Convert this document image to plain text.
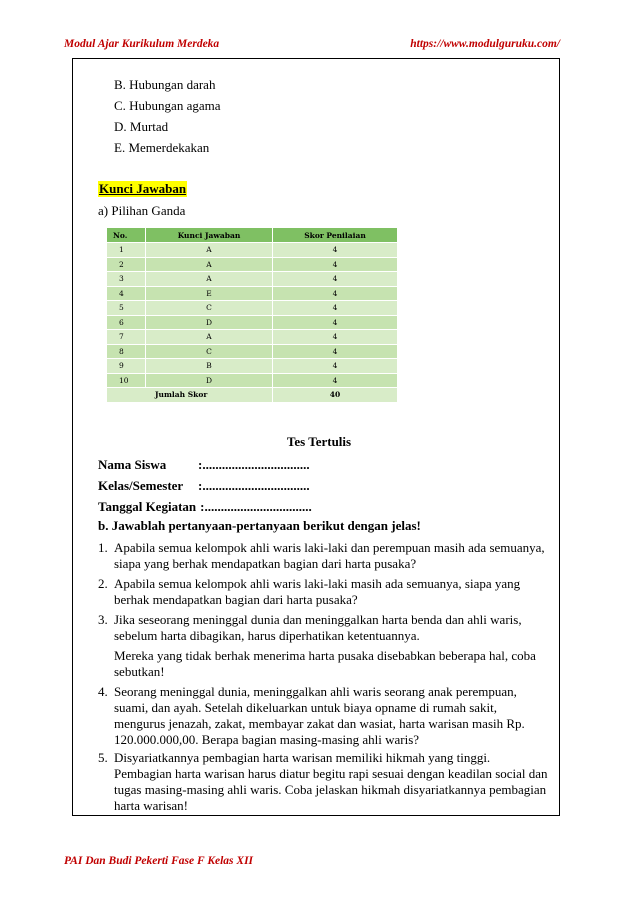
Modul Ajar Kurikulum Merdeka	https://www.modulguruku.com/
B. Hubungan darah
C. Hubungan agama
D. Murtad
E. Memerdekakan
Kunci Jawaban
a) Pilihan Ganda
No.	Kunci Jawaban	Skor Penilaian
1	A	4
2	A	4
3	A	4
4	E	4
5	C	4
6	D	4
7	A	4
8	C	4
9	B	4
10	D	4
Jumlah Skor		40
Tes Tertulis
Nama Siswa :.................................
Kelas/Semester :.................................
Tanggal Kegiatan :.................................
b. Jawablah pertanyaan-pertanyaan berikut dengan jelas!
1. Apabila semua kelompok ahli waris laki-laki dan perempuan masih ada semuanya, siapa yang berhak mendapatkan bagian dari harta pusaka?
2. Apabila semua kelompok ahli waris laki-laki masih ada semuanya, siapa yang berhak mendapatkan bagian dari harta pusaka?
3. Jika seseorang meninggal dunia dan meninggalkan harta benda dan ahli waris, sebelum harta dibagikan, harus diperhatikan ketentuannya.
Mereka yang tidak berhak menerima harta pusaka disebabkan beberapa hal, coba sebutkan!
4. Seorang meninggal dunia, meninggalkan ahli waris seorang anak perempuan, suami, dan ayah. Setelah dikeluarkan untuk biaya opname di rumah sakit, mengurus jenazah, zakat, membayar zakat dan wasiat, harta warisan masih Rp. 120.000.000,00. Berapa bagian masing-masing ahli waris?
5. Disyariatkannya pembagian harta warisan memiliki hikmah yang tinggi. Pembagian harta warisan harus diatur begitu rapi sesuai dengan keadilan social dan tugas masing-masing ahli waris. Coba jelaskan hikmah disyariatkannya pembagian harta warisan!
PAI Dan Budi Pekerti Fase F Kelas XII
